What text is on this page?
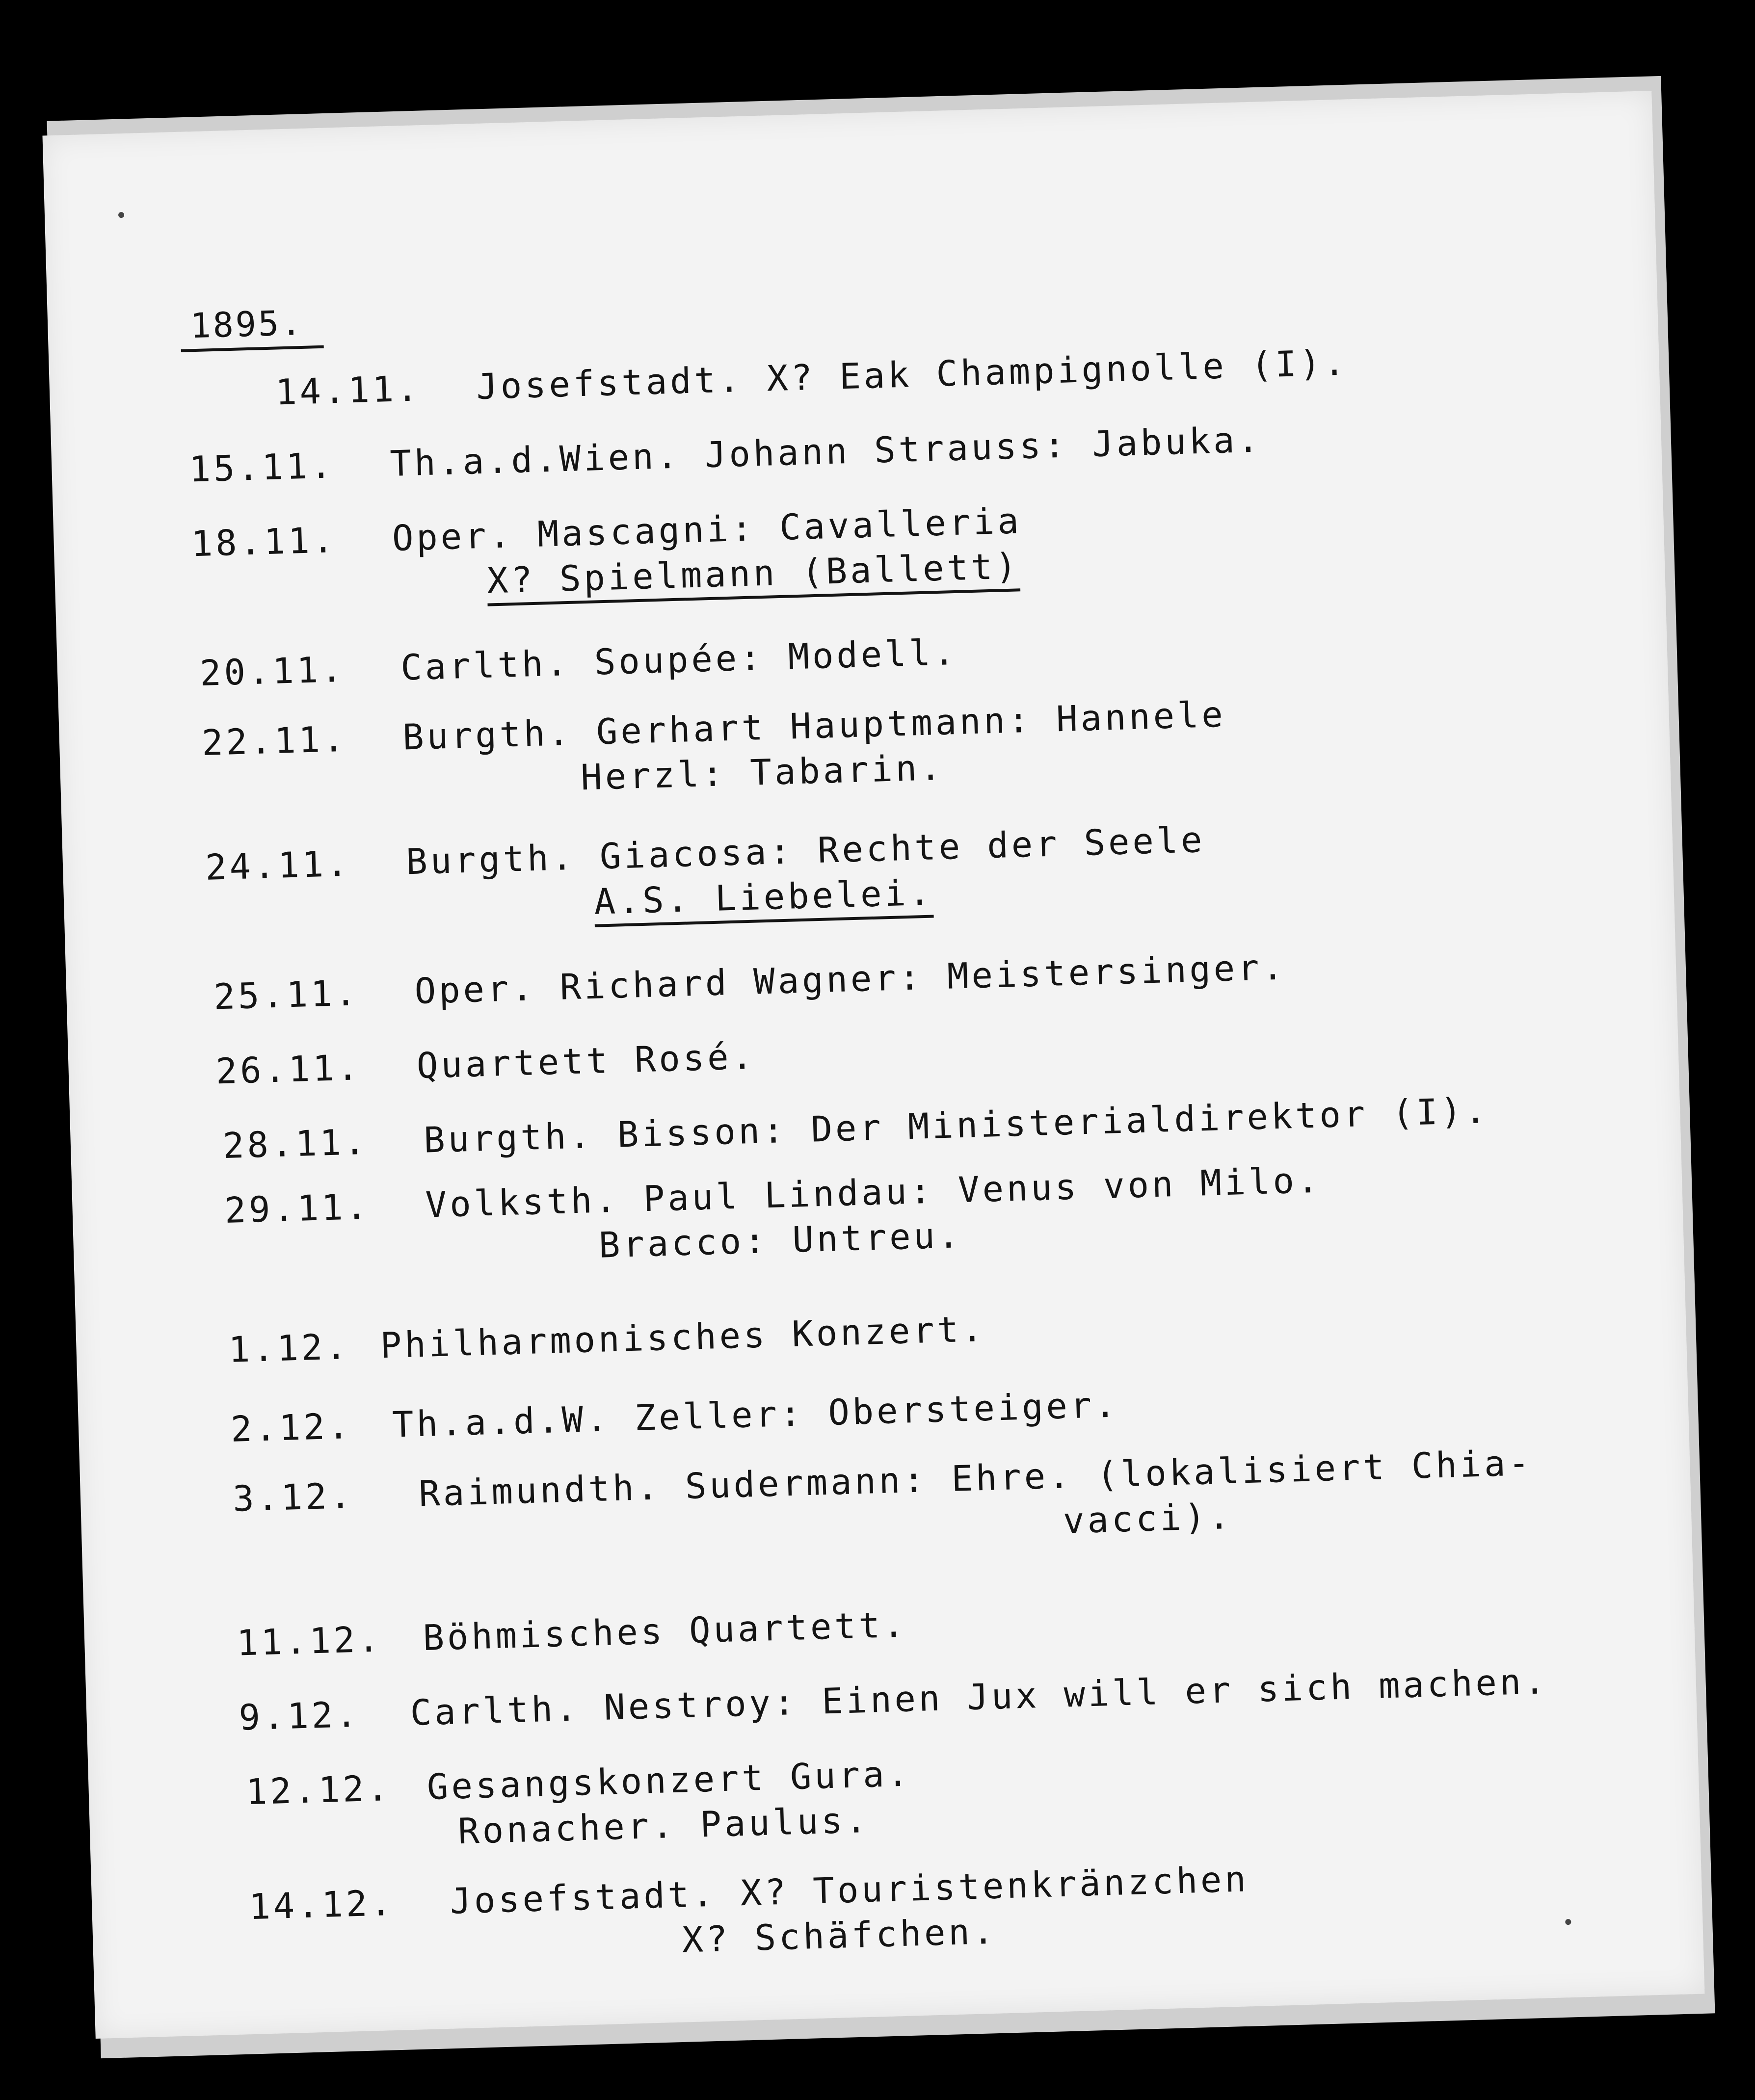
1895.
14.11. Josefstadt. X? Eak Champignolle (I).
15.11. Th.a.d.Wien. Johann Strauss: Jabuka.
18.11. Oper. Mascagni: Cavalleria
X? Spielmann (Ballett)
20.11. Carlth. Soupée: Modell.
22.11. Burgth. Gerhart Hauptmann: Hannele
Herzl: Tabarin.
24.11. Burgth. Giacosa: Rechte der Seele
A.S. Liebelei.
25.11. Oper. Richard Wagner: Meistersinger.
26.11. Quartett Rosé.
28.11. Burgth. Bisson: Der Ministerialdirektor (I).
29.11. Volksth. Paul Lindau: Venus von Milo.
Bracco: Untreu.
1.12. Philharmonisches Konzert.
2.12. Th.a.d.W. Zeller: Obersteiger.
3.12. Raimundth. Sudermann: Ehre. (lokalisiert Chia-
vacci).
11.12. Böhmisches Quartett.
9.12. Carlth. Nestroy: Einen Jux will er sich machen.
12.12. Gesangskonzert Gura.
Ronacher. Paulus.
14.12. Josefstadt. X? Touristenkränzchen
X? Schäfchen.
